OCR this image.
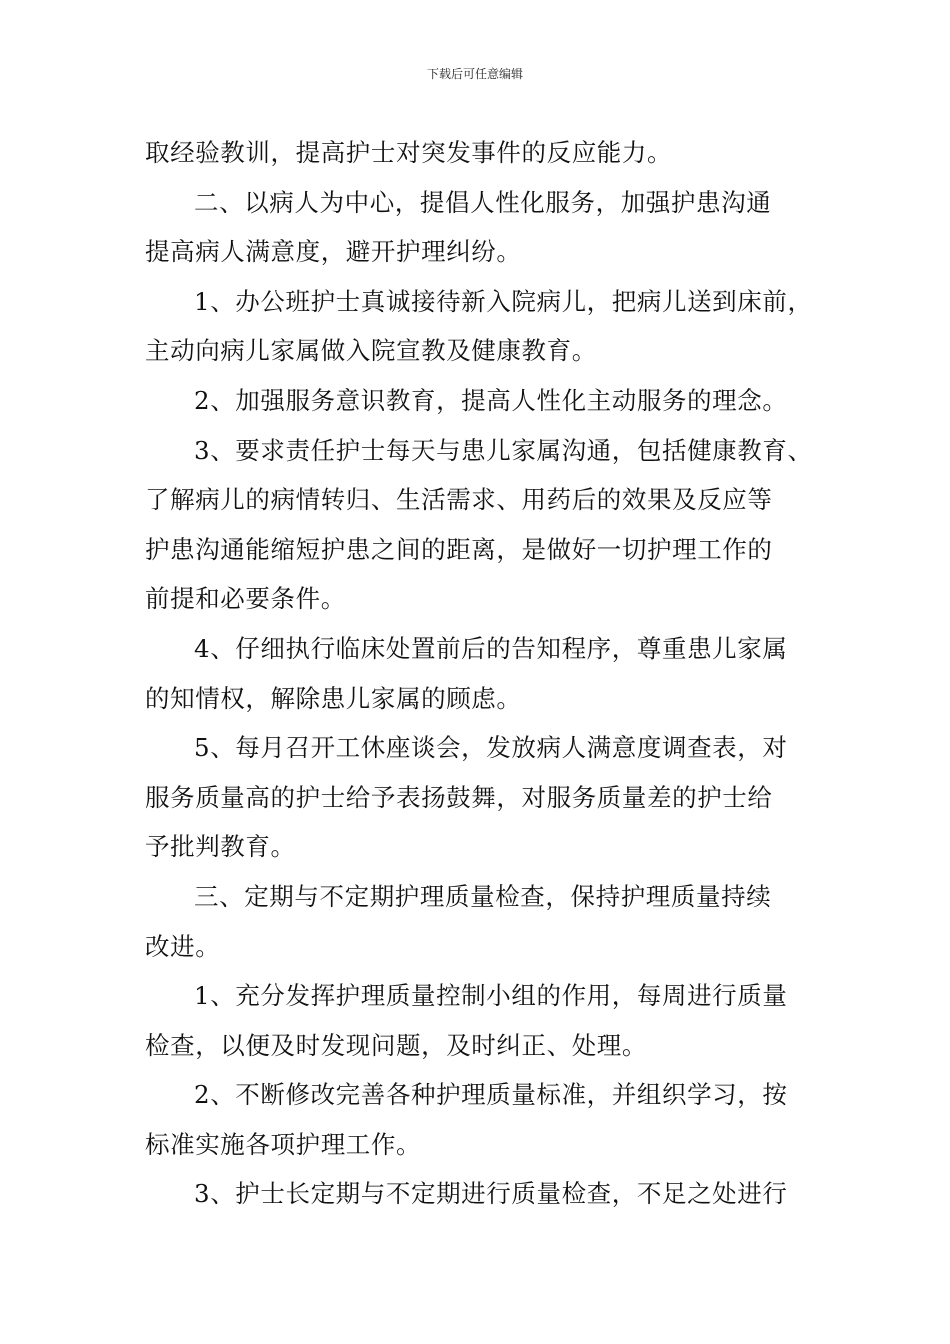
下载后可任意编辑
取经验教训，提高护士对突发事件的反应能力。
二、以病人为中心，提倡人性化服务，加强护患沟通
提高病人满意度，避开护理纠纷。
1、办公班护士真诚接待新入院病儿，把病儿送到床前，
主动向病儿家属做入院宣教及健康教育。
2、加强服务意识教育，提高人性化主动服务的理念。
3、要求责任护士每天与患儿家属沟通，包括健康教育、
了解病儿的病情转归、生活需求、用药后的效果及反应等
护患沟通能缩短护患之间的距离，是做好一切护理工作的
前提和必要条件。
4、仔细执行临床处置前后的告知程序，尊重患儿家属
的知情权，解除患儿家属的顾虑。
5、每月召开工休座谈会，发放病人满意度调查表，对
服务质量高的护士给予表扬鼓舞，对服务质量差的护士给
予批判教育。
三、定期与不定期护理质量检查，保持护理质量持续
改进。
1、充分发挥护理质量控制小组的作用，每周进行质量
检查，以便及时发现问题，及时纠正、处理。
2、不断修改完善各种护理质量标准，并组织学习，按
标准实施各项护理工作。
3、护士长定期与不定期进行质量检查，不足之处进行
